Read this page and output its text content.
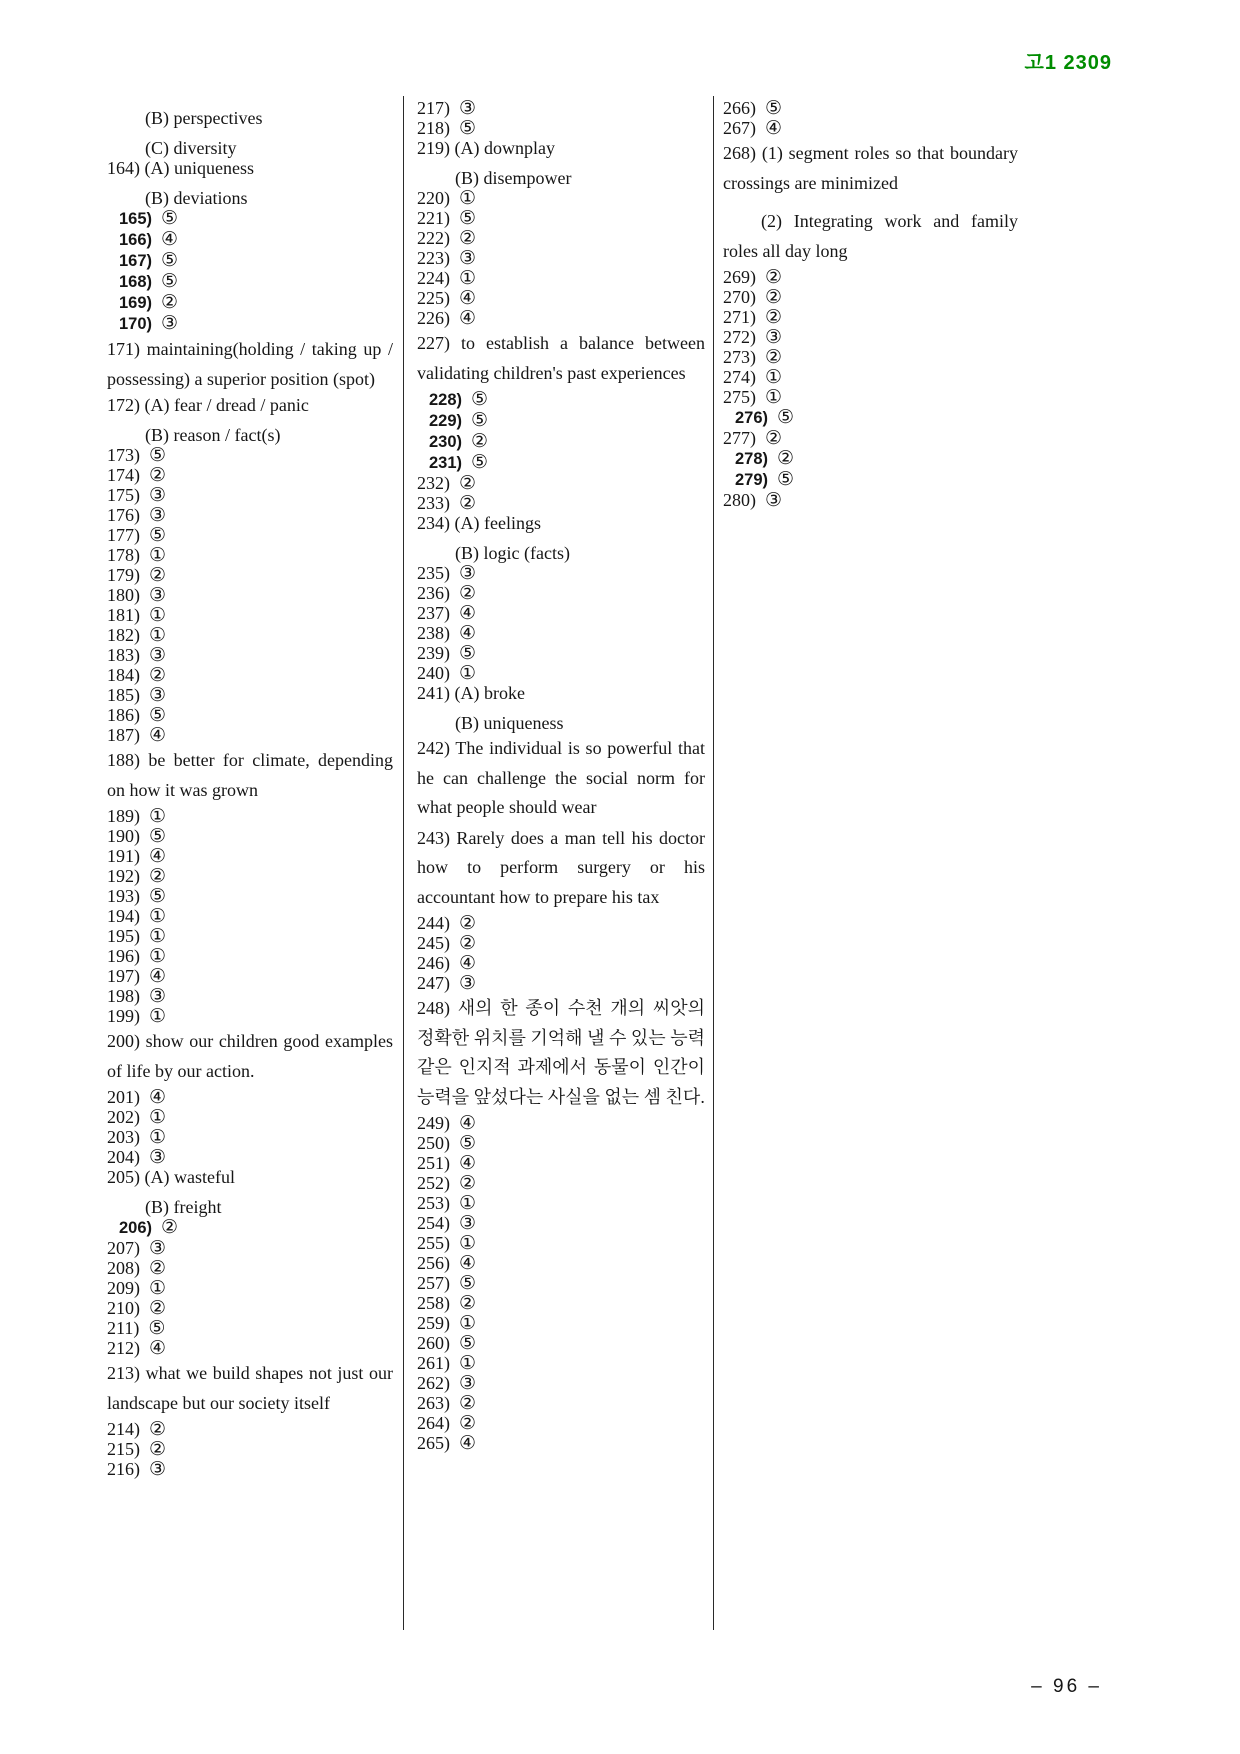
고1 2309
(B) perspectives
(C) diversity
164) (A) uniqueness
(B) deviations
165) ⑤
166) ④
167) ⑤
168) ⑤
169) ②
170) ③
171) maintaining(holding / taking up / possessing) a superior position (spot)
172) (A) fear / dread / panic
(B) reason / fact(s)
173) ⑤
174) ②
175) ③
176) ③
177) ⑤
178) ①
179) ②
180) ③
181) ①
182) ①
183) ③
184) ②
185) ③
186) ⑤
187) ④
188) be better for climate, depending on how it was grown
189) ①
190) ⑤
191) ④
192) ②
193) ⑤
194) ①
195) ①
196) ①
197) ④
198) ③
199) ①
200) show our children good examples of life by our action.
201) ④
202) ①
203) ①
204) ③
205) (A) wasteful
(B) freight
206) ②
207) ③
208) ②
209) ①
210) ②
211) ⑤
212) ④
213) what we build shapes not just our landscape but our society itself
214) ②
215) ②
216) ③
217) ③
218) ⑤
219) (A) downplay
(B) disempower
220) ①
221) ⑤
222) ②
223) ③
224) ①
225) ④
226) ④
227) to establish a balance between validating children's past experiences
228) ⑤
229) ⑤
230) ②
231) ⑤
232) ②
233) ②
234) (A) feelings
(B) logic (facts)
235) ③
236) ②
237) ④
238) ④
239) ⑤
240) ①
241) (A) broke
(B) uniqueness
242) The individual is so powerful that he can challenge the social norm for what people should wear
243) Rarely does a man tell his doctor how to perform surgery or his accountant how to prepare his tax
244) ②
245) ②
246) ④
247) ③
248) 새의 한 종이 수천 개의 씨앗의 정확한 위치를 기억해 낼 수 있는 능력 같은 인지적 과제에서 동물이 인간이 능력을 앞섰다는 사실을 없는 셈 친다.
249) ④
250) ⑤
251) ④
252) ②
253) ①
254) ③
255) ①
256) ④
257) ⑤
258) ②
259) ①
260) ⑤
261) ①
262) ③
263) ②
264) ②
265) ④
266) ⑤
267) ④
268) (1) segment roles so that boundary crossings are minimized
(2) Integrating work and family roles all day long
269) ②
270) ②
271) ②
272) ③
273) ②
274) ①
275) ①
276) ⑤
277) ②
278) ②
279) ⑤
280) ③
– 96 –
